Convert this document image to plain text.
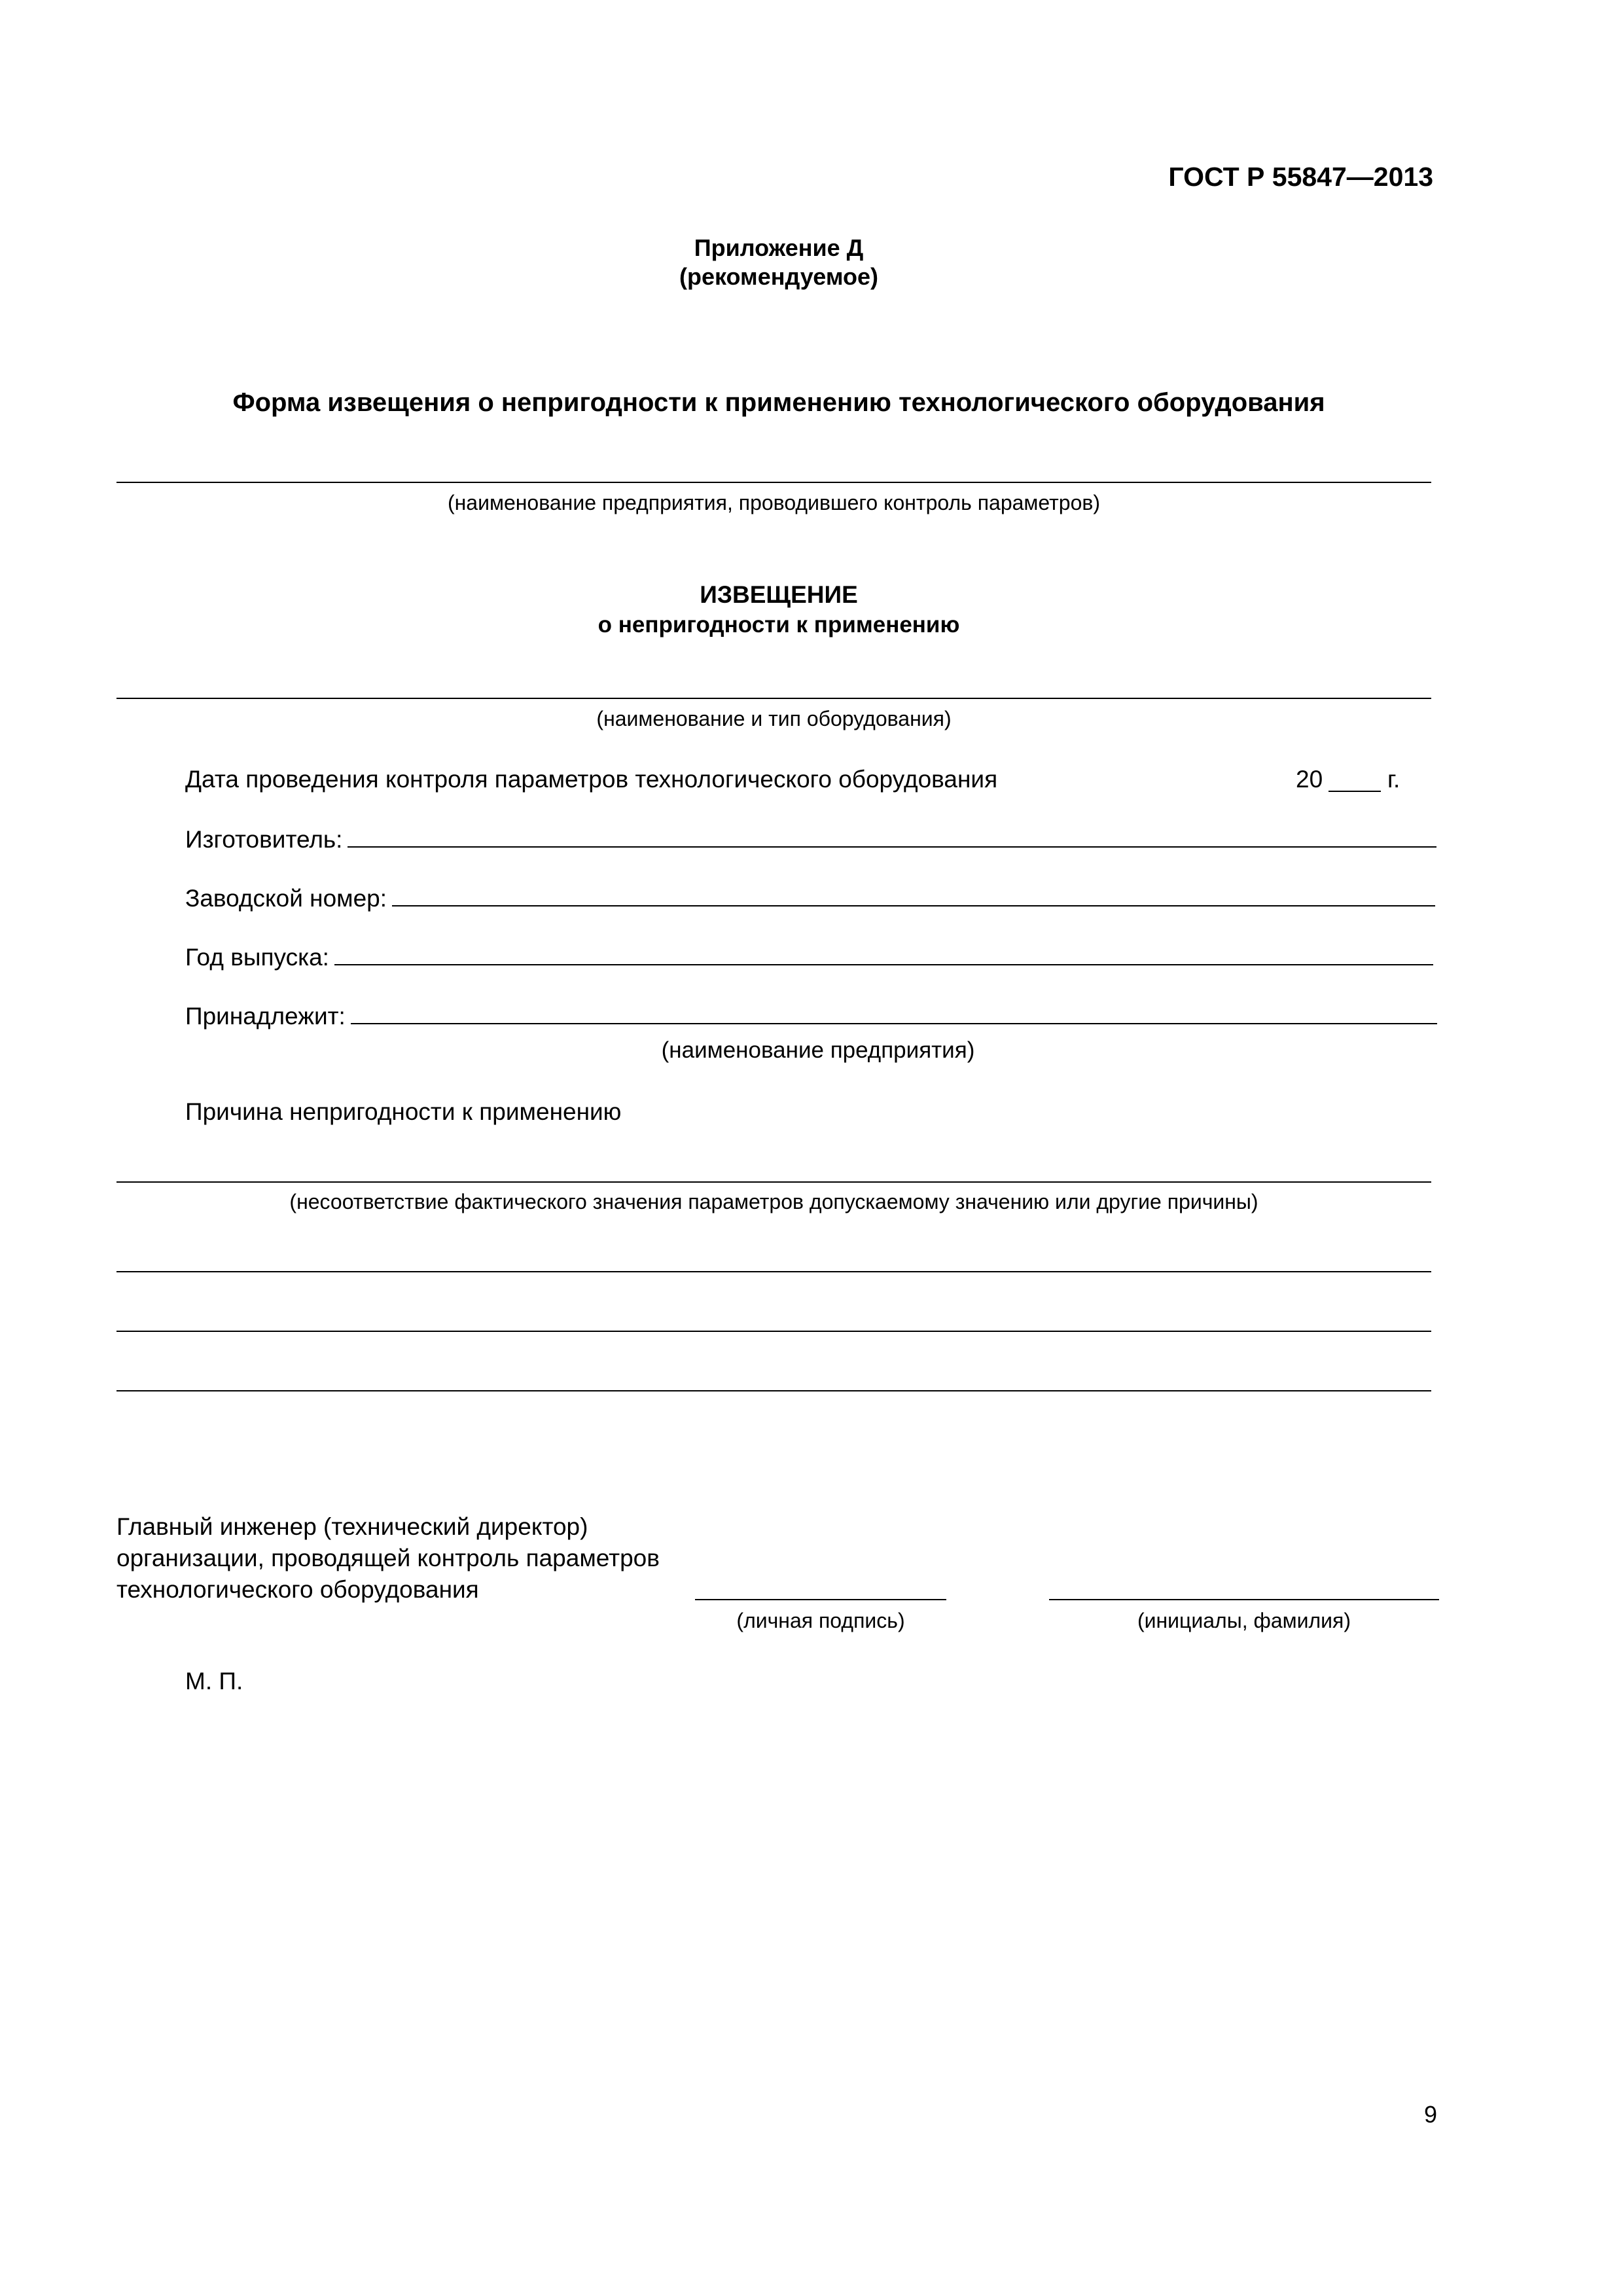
ГОСТ Р 55847—2013
Приложение Д
(рекомендуемое)
Форма извещения о непригодности к применению технологического оборудования
(наименование предприятия, проводившего контроль параметров)
ИЗВЕЩЕНИЕ
о непригодности к применению
(наименование и тип оборудования)
Дата проведения контроля параметров технологического оборудования	20	г.
Изготовитель:
Заводской номер:
Год выпуска:
Принадлежит:
(наименование предприятия)
Причина непригодности к применению
(несоответствие фактического значения параметров допускаемому значению или другие причины)
Главный инженер (технический директор)
организации, проводящей контроль параметров
технологического оборудования
(личная подпись)	(инициалы, фамилия)
М. П.
9
